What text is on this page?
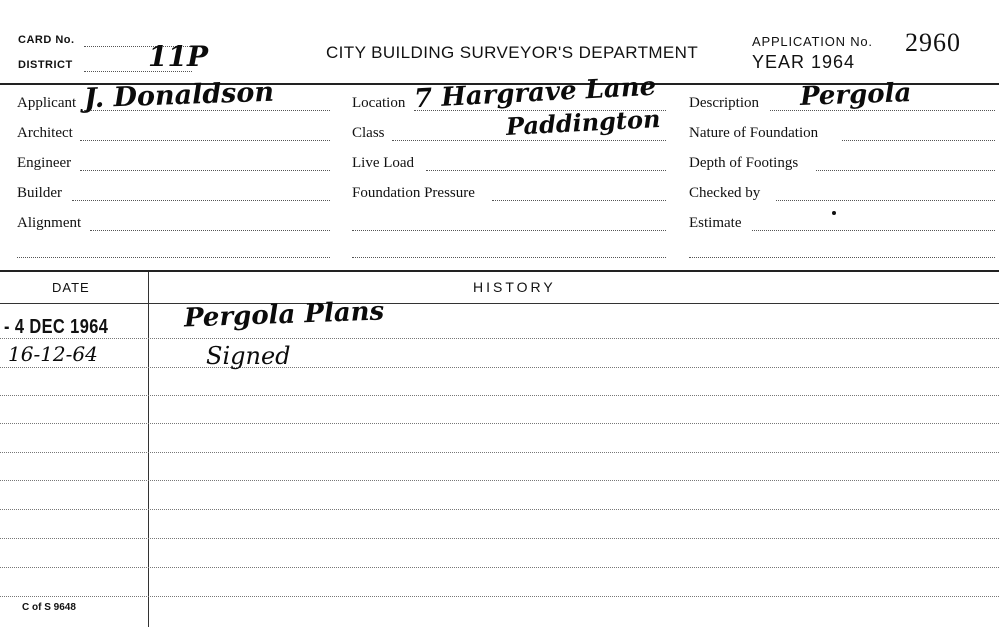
CARD No.	11P
DISTRICT
CITY BUILDING SURVEYOR'S DEPARTMENT
APPLICATION No. 2960
YEAR 1964
Applicant J. Donaldson
Architect
Engineer
Builder
Alignment
Location 7 Hargrave Lane
Paddington
Class
Live Load
Foundation Pressure
Description Pergola
Nature of Foundation
Depth of Footings
Checked by
Estimate
DATE	HISTORY
- 4 DEC 1964	Pergola Plans
16-12-64	Signed
C of S 9648
